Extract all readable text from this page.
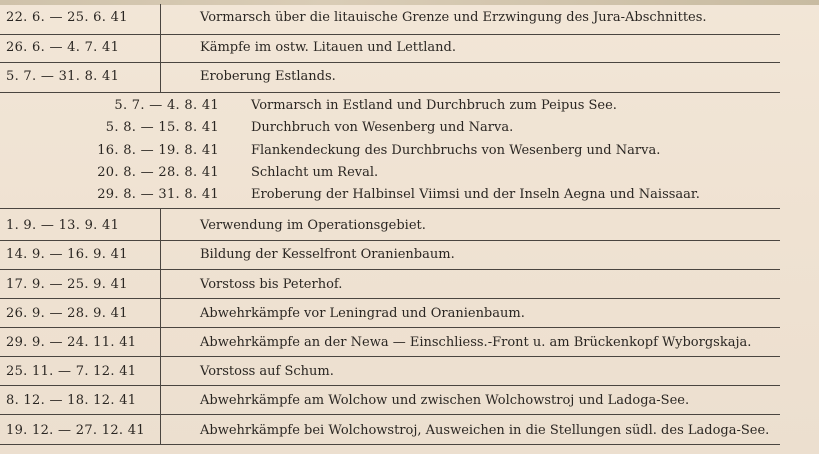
22. 6. — 25. 6. 41	Vormarsch über die litauische Grenze und Erzwingung des Jura-Abschnittes.
26. 6. — 4. 7. 41	Kämpfe im ostw. Litauen und Lettland.
5. 7. — 31. 8. 41	Eroberung Estlands.
5. 7. — 4. 8. 41 Vormarsch in Estland und Durchbruch zum Peipus See.
5. 8. — 15. 8. 41 Durchbruch von Wesenberg und Narva.
16. 8. — 19. 8. 41 Flankendeckung des Durchbruchs von Wesenberg und Narva.
20. 8. — 28. 8. 41 Schlacht um Reval.
29. 8. — 31. 8. 41 Eroberung der Halbinsel Viimsi und der Inseln Aegna und Naissaar.
1. 9. — 13. 9. 41	Verwendung im Operationsgebiet.
14. 9. — 16. 9. 41	Bildung der Kesselfront Oranienbaum.
17. 9. — 25. 9. 41	Vorstoss bis Peterhof.
26. 9. — 28. 9. 41	Abwehrkämpfe vor Leningrad und Oranienbaum.
29. 9. — 24. 11. 41	Abwehrkämpfe an der Newa — Einschliess.-Front u. am Brückenkopf Wyborgskaja.
25. 11. — 7. 12. 41	Vorstoss auf Schum.
8. 12. — 18. 12. 41	Abwehrkämpfe am Wolchow und zwischen Wolchowstroj und Ladoga-See.
19. 12. — 27. 12. 41	Abwehrkämpfe bei Wolchowstroj, Ausweichen in die Stellungen südl. des Ladoga-See.
